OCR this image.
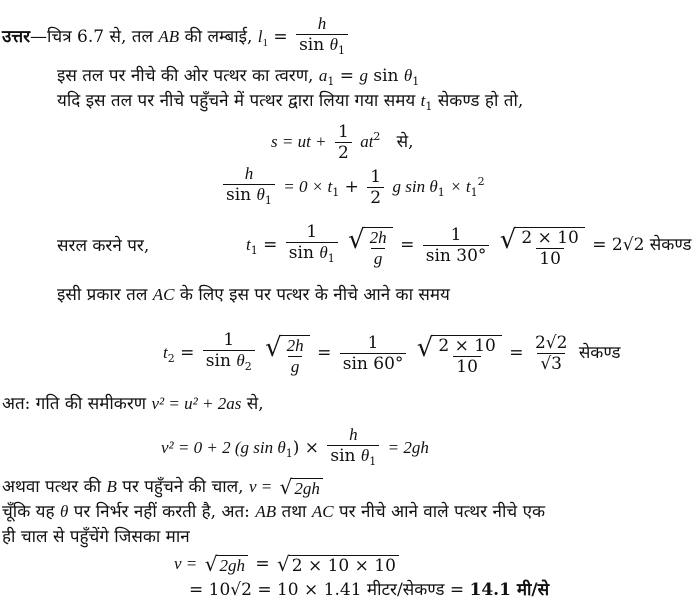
उत्तर—चित्र 6.7 से, तल AB की लम्बाई, $l_1 = \frac{h}{\sin \theta_1}$
इस तल पर नीचे की ओर पत्थर का त्वरण, $a_1 = g$ $\sin \theta_1$
यदि इस तल पर नीचे पहुँचने में पत्थर द्वारा लिया गया समय $t_1$ सेकण्ड हो तो,
s = ut + $\frac{1}{2} at^2$ से,
$\frac{h}{\sin \theta_1} = 0 \times t_1 + \frac{1}{2}$ g $\sin \theta_1 \times t_1^2$
सरल करने पर,	$t_1 = \frac{1}{\sin \theta_1}$
√ $\frac{2h}{g} = \frac{1}{\sin 30^\circ}$
√ $\frac{2 \times 10}{10} = 2√2$ सेकण्ड
इसी प्रकार तल AC के लिए इस पर पत्थर के नीचे आने का समय
$t_2 = \frac{1}{\sin \theta_2}$
√ $\frac{2h}{g} = \frac{1}{\sin 60^\circ}$
√ $\frac{2 \times 10}{10} = \frac{2√2}{√3}$ सेकण्ड
अत: गति की समीकरण v² = u² + 2as से,
v² = 0 + 2 (g $\sin \theta_1) \times \frac{h}{\sin \theta_1} = 2gh$
अथवा पत्थर की B पर पहुँचने की चाल, v = √ 2gh
चूँकि यह θ पर निर्भर नहीं करती है, अत: AB तथा AC पर नीचे आने वाले पत्थर नीचे एक
ही चाल से पहुँचेंगे जिसका मान
v = √ 2gh = √ 2 × 10 × 10
= 10√2 = 10 × 1.41 मीटर/सेकण्ड = 14.1 मी/से
